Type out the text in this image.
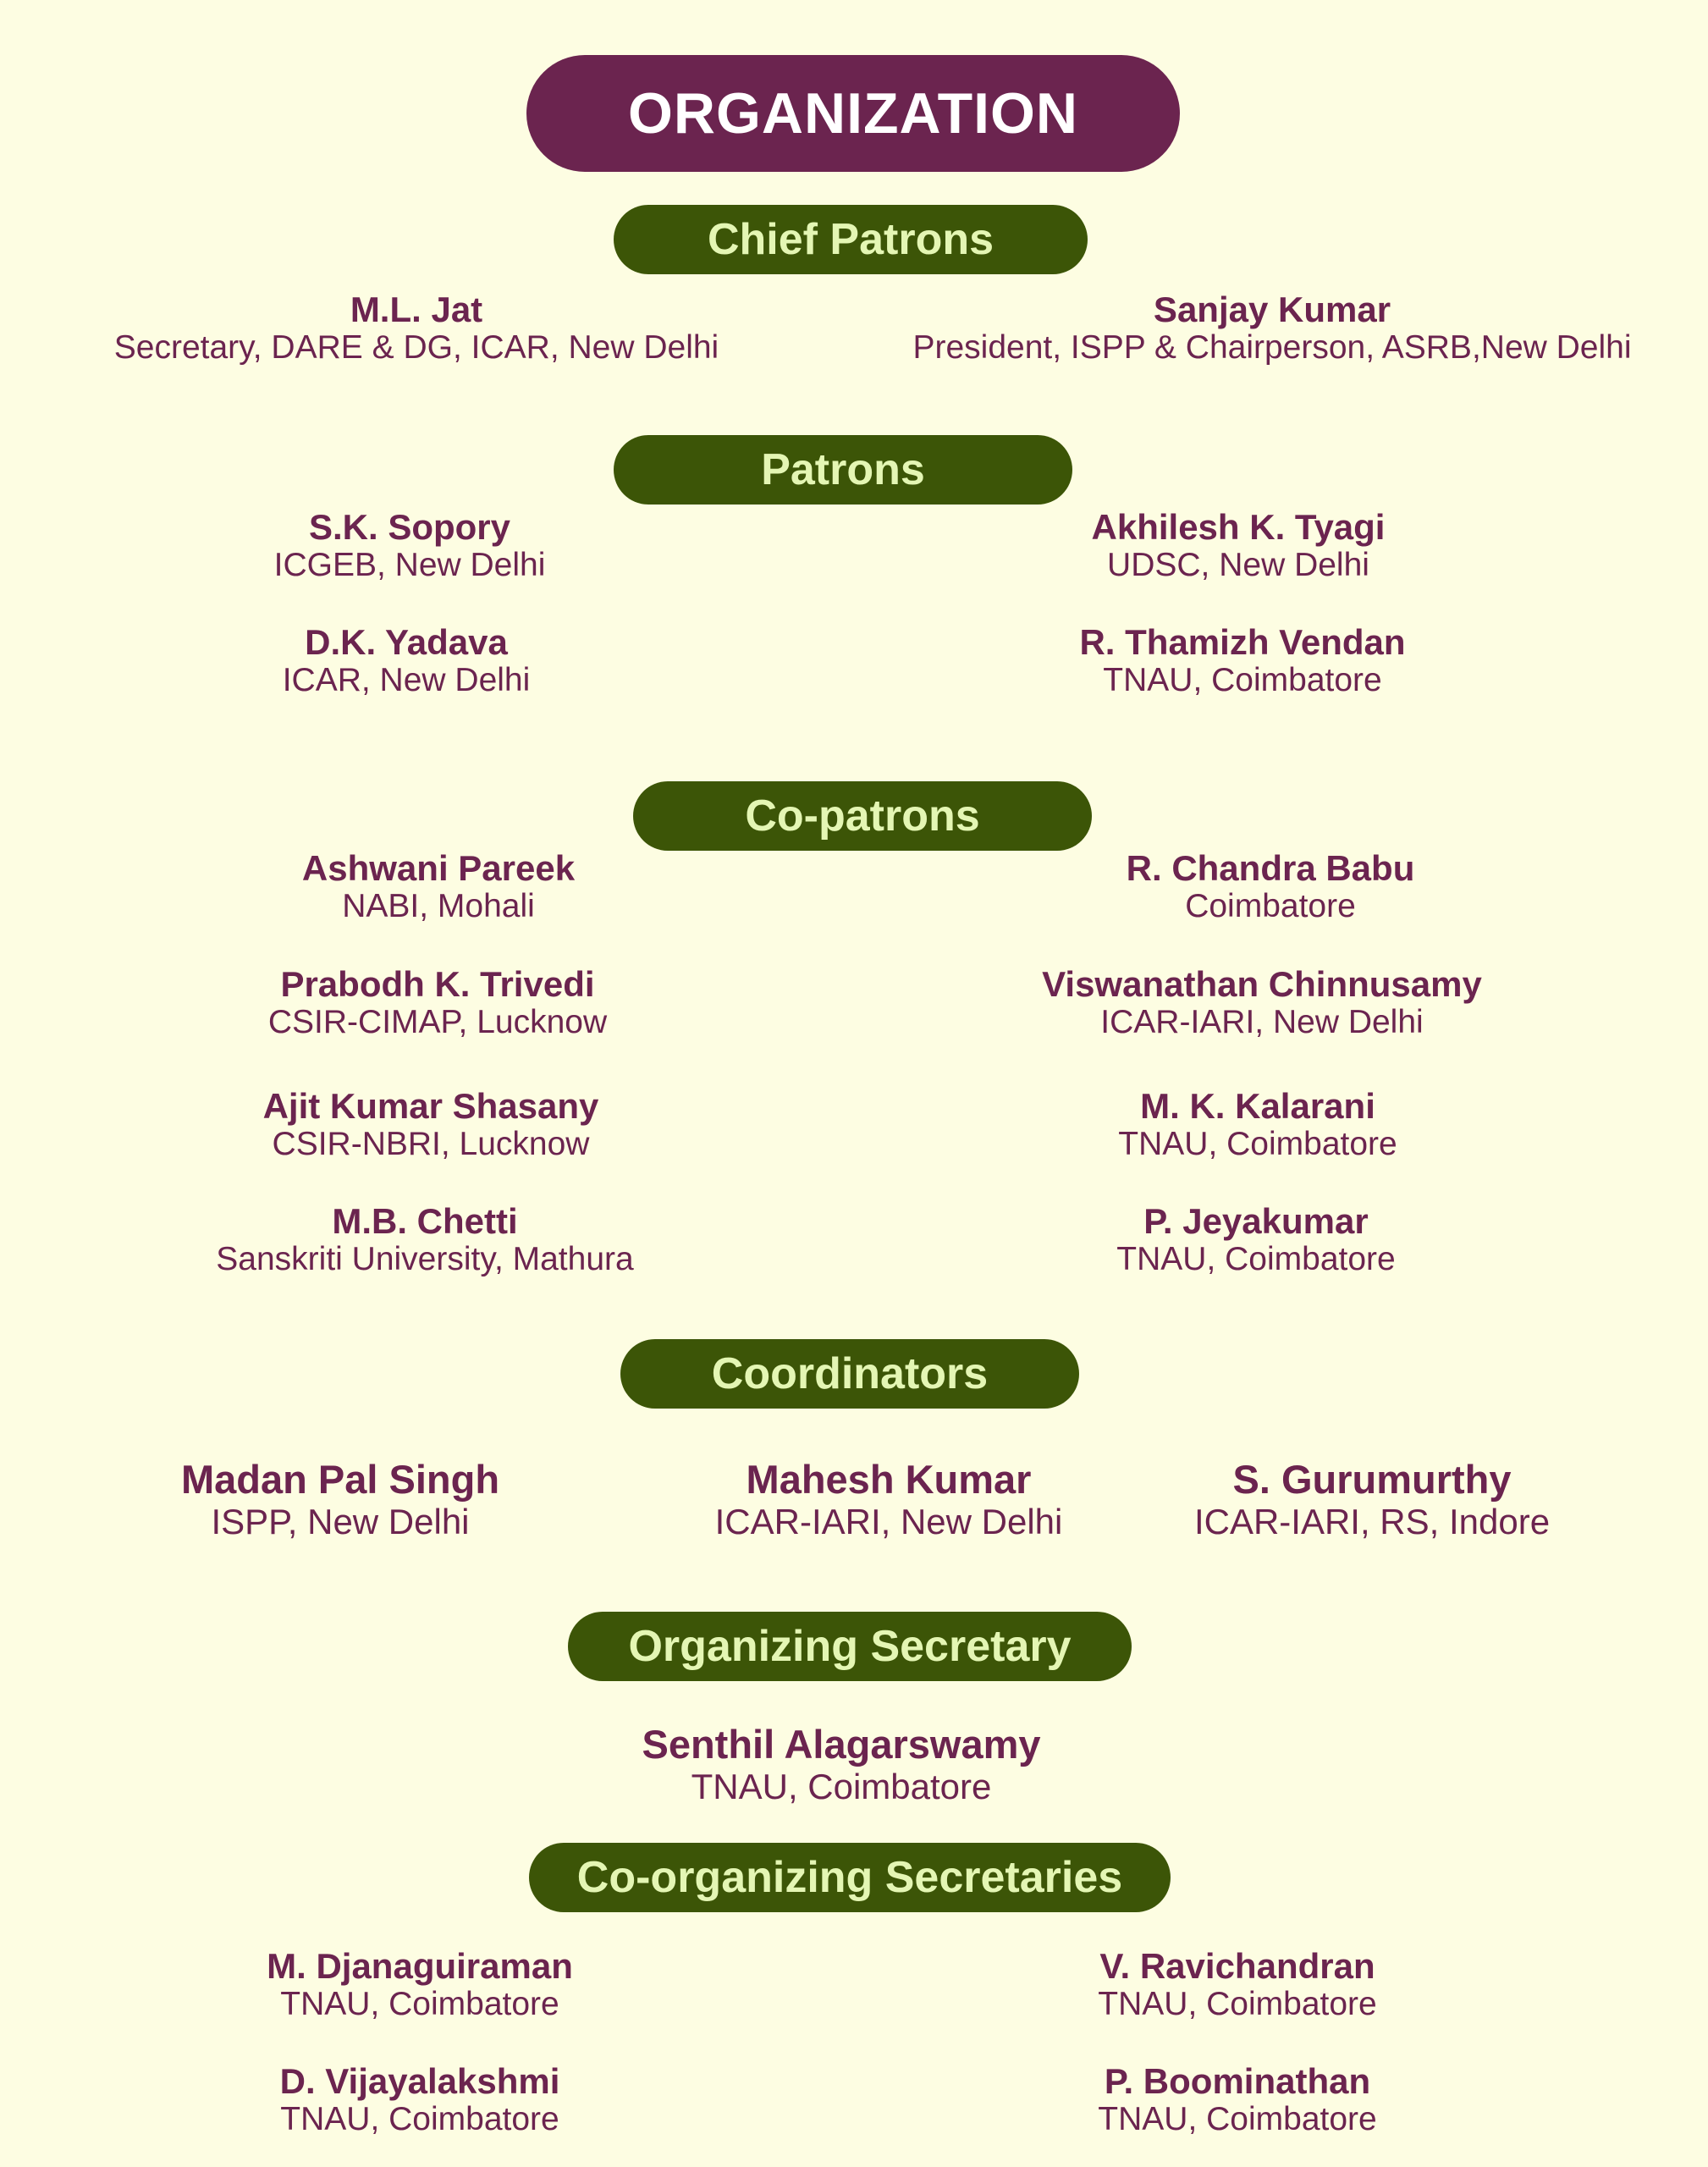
ORGANIZATION
Chief Patrons
M.L. Jat
Secretary, DARE & DG, ICAR, New Delhi
Sanjay Kumar
President, ISPP & Chairperson, ASRB,New Delhi
Patrons
S.K. Sopory
ICGEB, New Delhi
Akhilesh K. Tyagi
UDSC, New Delhi
D.K. Yadava
ICAR, New Delhi
R. Thamizh Vendan
TNAU, Coimbatore
Co-patrons
Ashwani Pareek
NABI, Mohali
R. Chandra Babu
Coimbatore
Prabodh K. Trivedi
CSIR-CIMAP, Lucknow
Viswanathan Chinnusamy
ICAR-IARI, New Delhi
Ajit Kumar Shasany
CSIR-NBRI, Lucknow
M. K. Kalarani
TNAU, Coimbatore
M.B. Chetti
Sanskriti University, Mathura
P. Jeyakumar
TNAU, Coimbatore
Coordinators
Madan Pal Singh
ISPP, New Delhi
Mahesh Kumar
ICAR-IARI, New Delhi
S. Gurumurthy
ICAR-IARI, RS, Indore
Organizing Secretary
Senthil Alagarswamy
TNAU, Coimbatore
Co-organizing Secretaries
M. Djanaguiraman
TNAU, Coimbatore
V. Ravichandran
TNAU, Coimbatore
D. Vijayalakshmi
TNAU, Coimbatore
P. Boominathan
TNAU, Coimbatore
